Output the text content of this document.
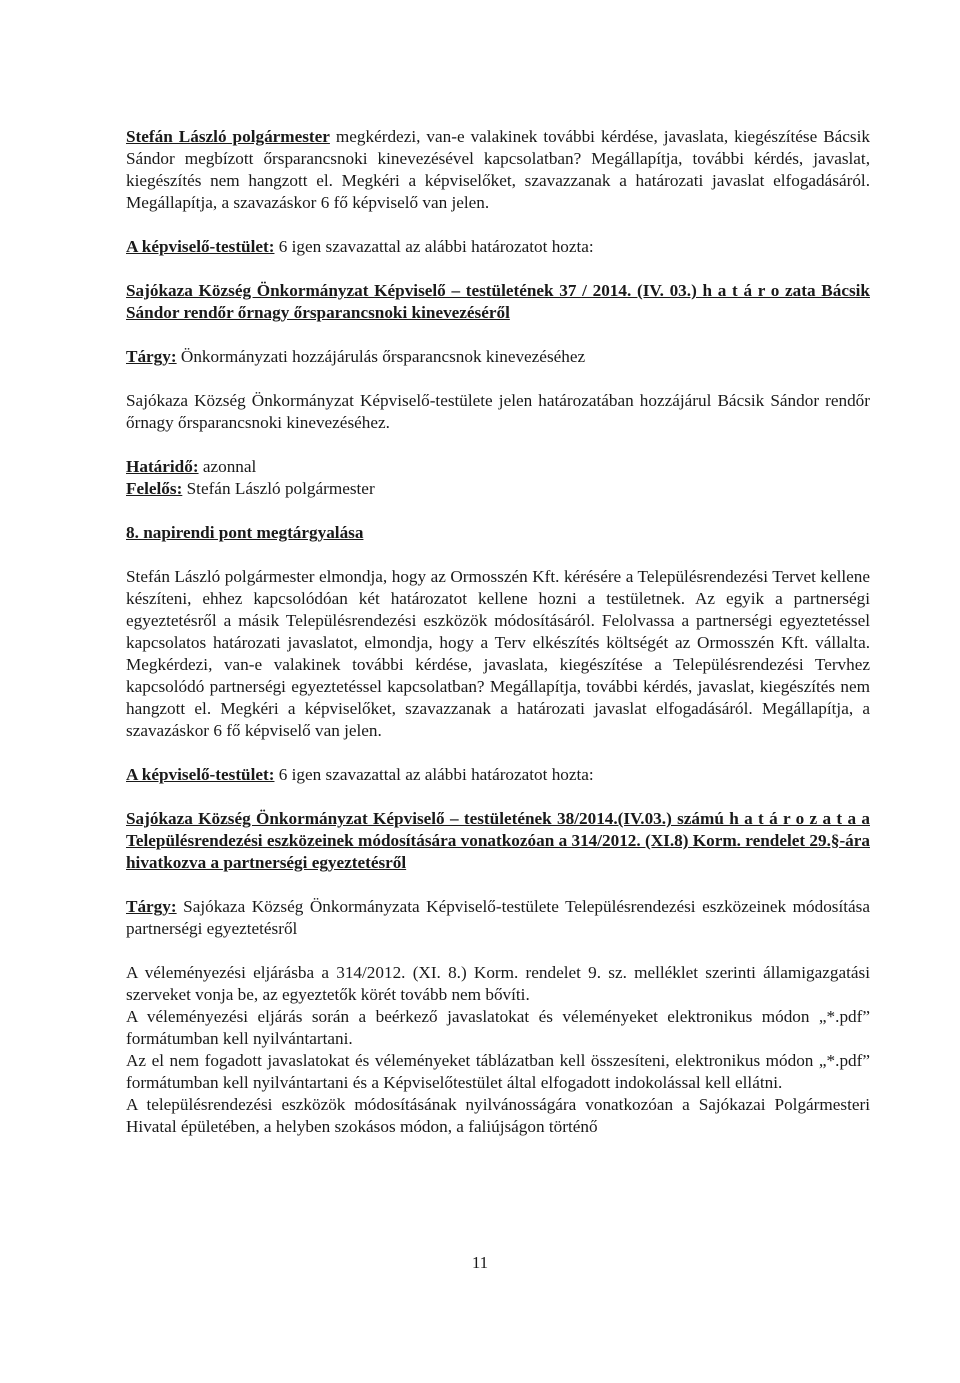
Stefán László polgármester megkérdezi, van-e valakinek további kérdése, javaslata, kiegészítése Bácsik Sándor megbízott őrsparancsnoki kinevezésével kapcsolatban? Megállapítja, további kérdés, javaslat, kiegészítés nem hangzott el. Megkéri a képviselőket, szavazzanak a határozati javaslat elfogadásáról. Megállapítja, a szavazáskor 6 fő képviselő van jelen.

A képviselő-testület: 6 igen szavazattal az alábbi határozatot hozta:

Sajókaza Község Önkormányzat Képviselő – testületének 37 / 2014. (IV. 03.) h a t á r o zata Bácsik Sándor rendőr őrnagy őrsparancsnoki kinevezéséről

Tárgy: Önkormányzati hozzájárulás őrsparancsnok kinevezéséhez

Sajókaza Község Önkormányzat Képviselő-testülete jelen határozatában hozzájárul Bácsik Sándor rendőr őrnagy őrsparancsnoki kinevezéséhez.

Határidő: azonnal

Felelős: Stefán László polgármester

8. napirendi pont megtárgyalása

Stefán László polgármester elmondja, hogy az Ormosszén Kft. kérésére a Településrendezési Tervet kellene készíteni, ehhez kapcsolódóan két határozatot kellene hozni a testületnek. Az egyik a partnerségi egyeztetésről a másik Településrendezési eszközök módosításáról. Felolvassa a partnerségi egyeztetéssel kapcsolatos határozati javaslatot, elmondja, hogy a Terv elkészítés költségét az Ormosszén Kft. vállalta. Megkérdezi, van-e valakinek további kérdése, javaslata, kiegészítése a Településrendezési Tervhez kapcsolódó partnerségi egyeztetéssel kapcsolatban? Megállapítja, további kérdés, javaslat, kiegészítés nem hangzott el. Megkéri a képviselőket, szavazzanak a határozati javaslat elfogadásáról. Megállapítja, a szavazáskor 6 fő képviselő van jelen.

A képviselő-testület: 6 igen szavazattal az alábbi határozatot hozta:

Sajókaza Község Önkormányzat Képviselő – testületének 38/2014.(IV.03.) számú h a t á r o z a t a a Településrendezési eszközeinek módosítására vonatkozóan a 314/2012. (XI.8) Korm. rendelet 29.§-ára hivatkozva a partnerségi egyeztetésről

Tárgy: Sajókaza Község Önkormányzata Képviselő-testülete Településrendezési eszközeinek módosítása partnerségi egyeztetésről

A véleményezési eljárásba a 314/2012. (XI. 8.) Korm. rendelet 9. sz. melléklet szerinti államigazgatási szerveket vonja be, az egyeztetők körét tovább nem bővíti.

A véleményezési eljárás során a beérkező javaslatokat és véleményeket elektronikus módon „*.pdf” formátumban kell nyilvántartani.

Az el nem fogadott javaslatokat és véleményeket táblázatban kell összesíteni, elektronikus módon „*.pdf” formátumban kell nyilvántartani és a Képviselőtestület által elfogadott indokolással kell ellátni.

A településrendezési eszközök módosításának nyilvánosságára vonatkozóan a Sajókazai Polgármesteri Hivatal épületében, a helyben szokásos módon, a faliújságon történő

11
